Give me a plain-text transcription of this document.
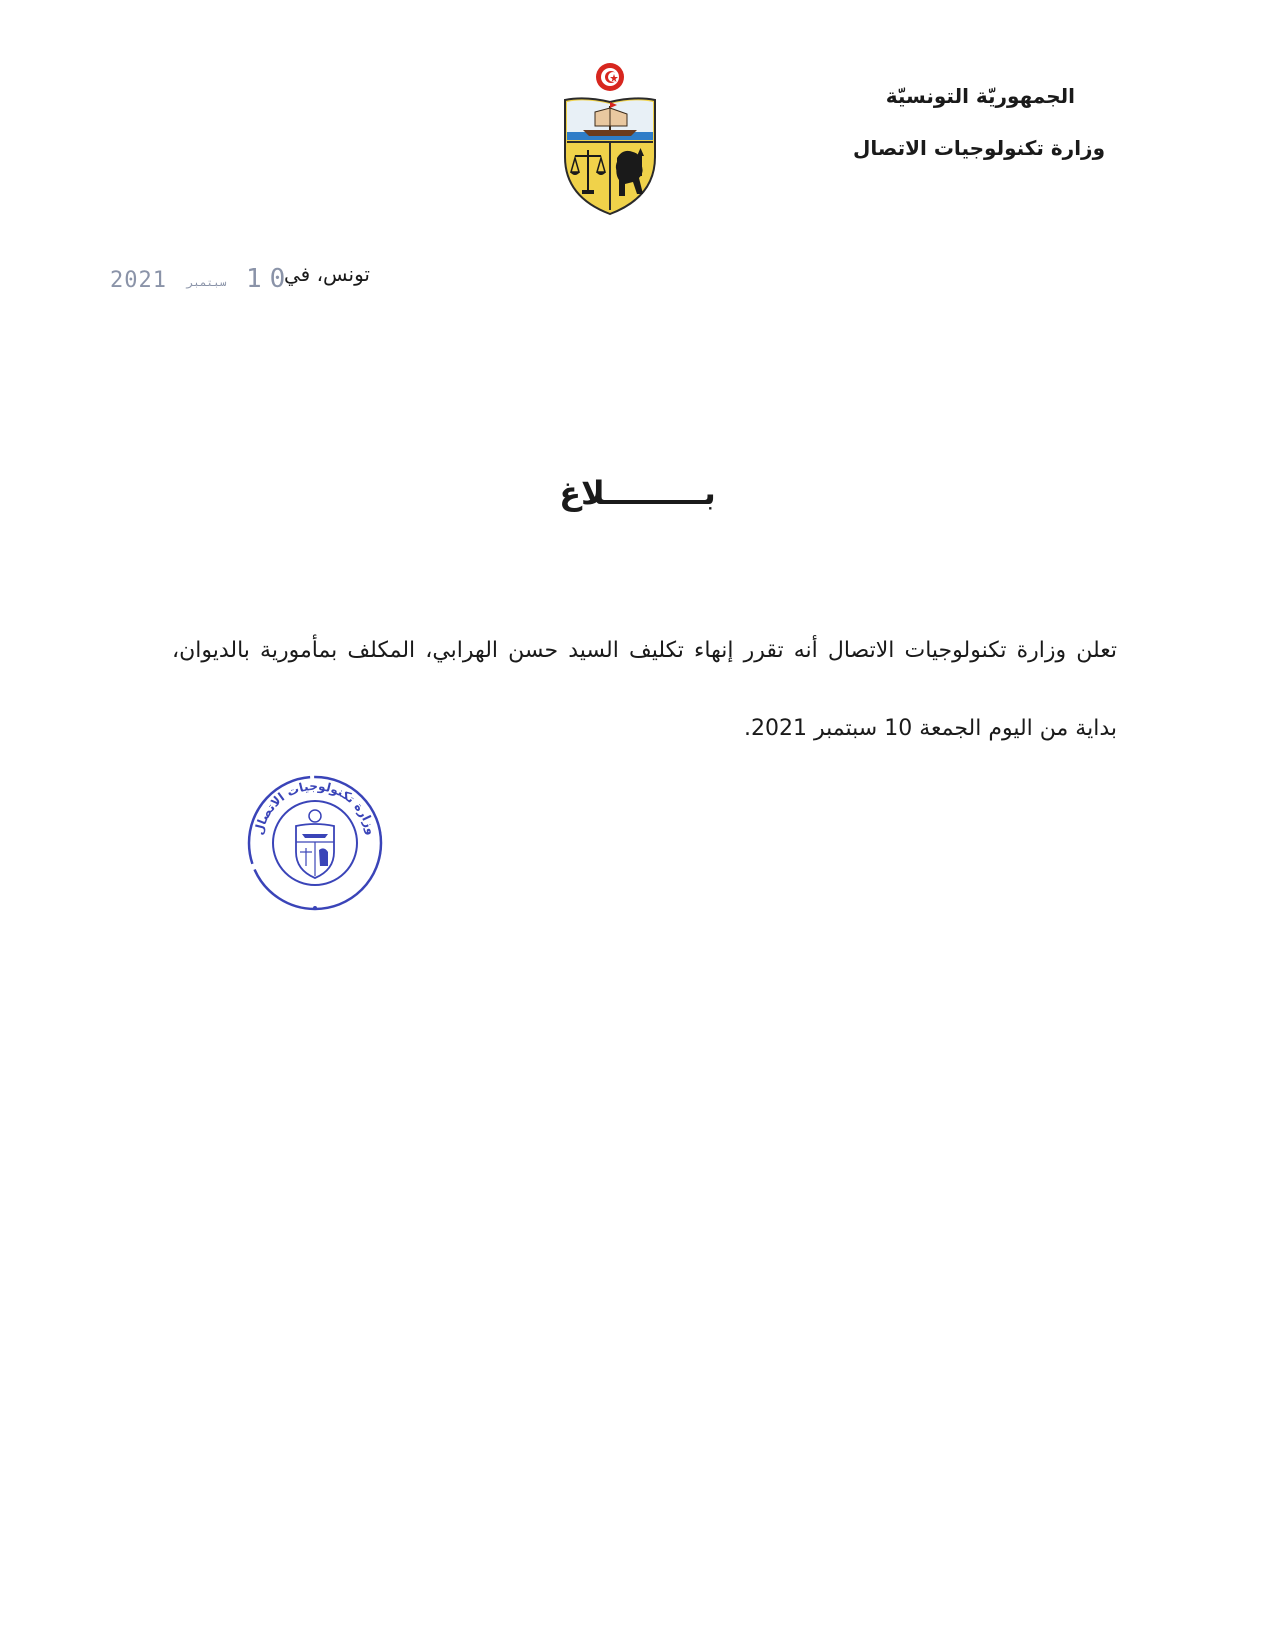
الجمهوريّة التونسيّة
وزارة تكنولوجيات الاتصال
تونس، في
2021 سبتمبر 10
بـــــــــلاغ
تعلن وزارة تكنولوجيات الاتصال أنه تقرر إنهاء تكليف السيد حسن الهرابي، المكلف بمأمورية بالديوان، بداية من اليوم الجمعة 10 سبتمبر 2021.
وزارة تكنولوجيات الاتصال
